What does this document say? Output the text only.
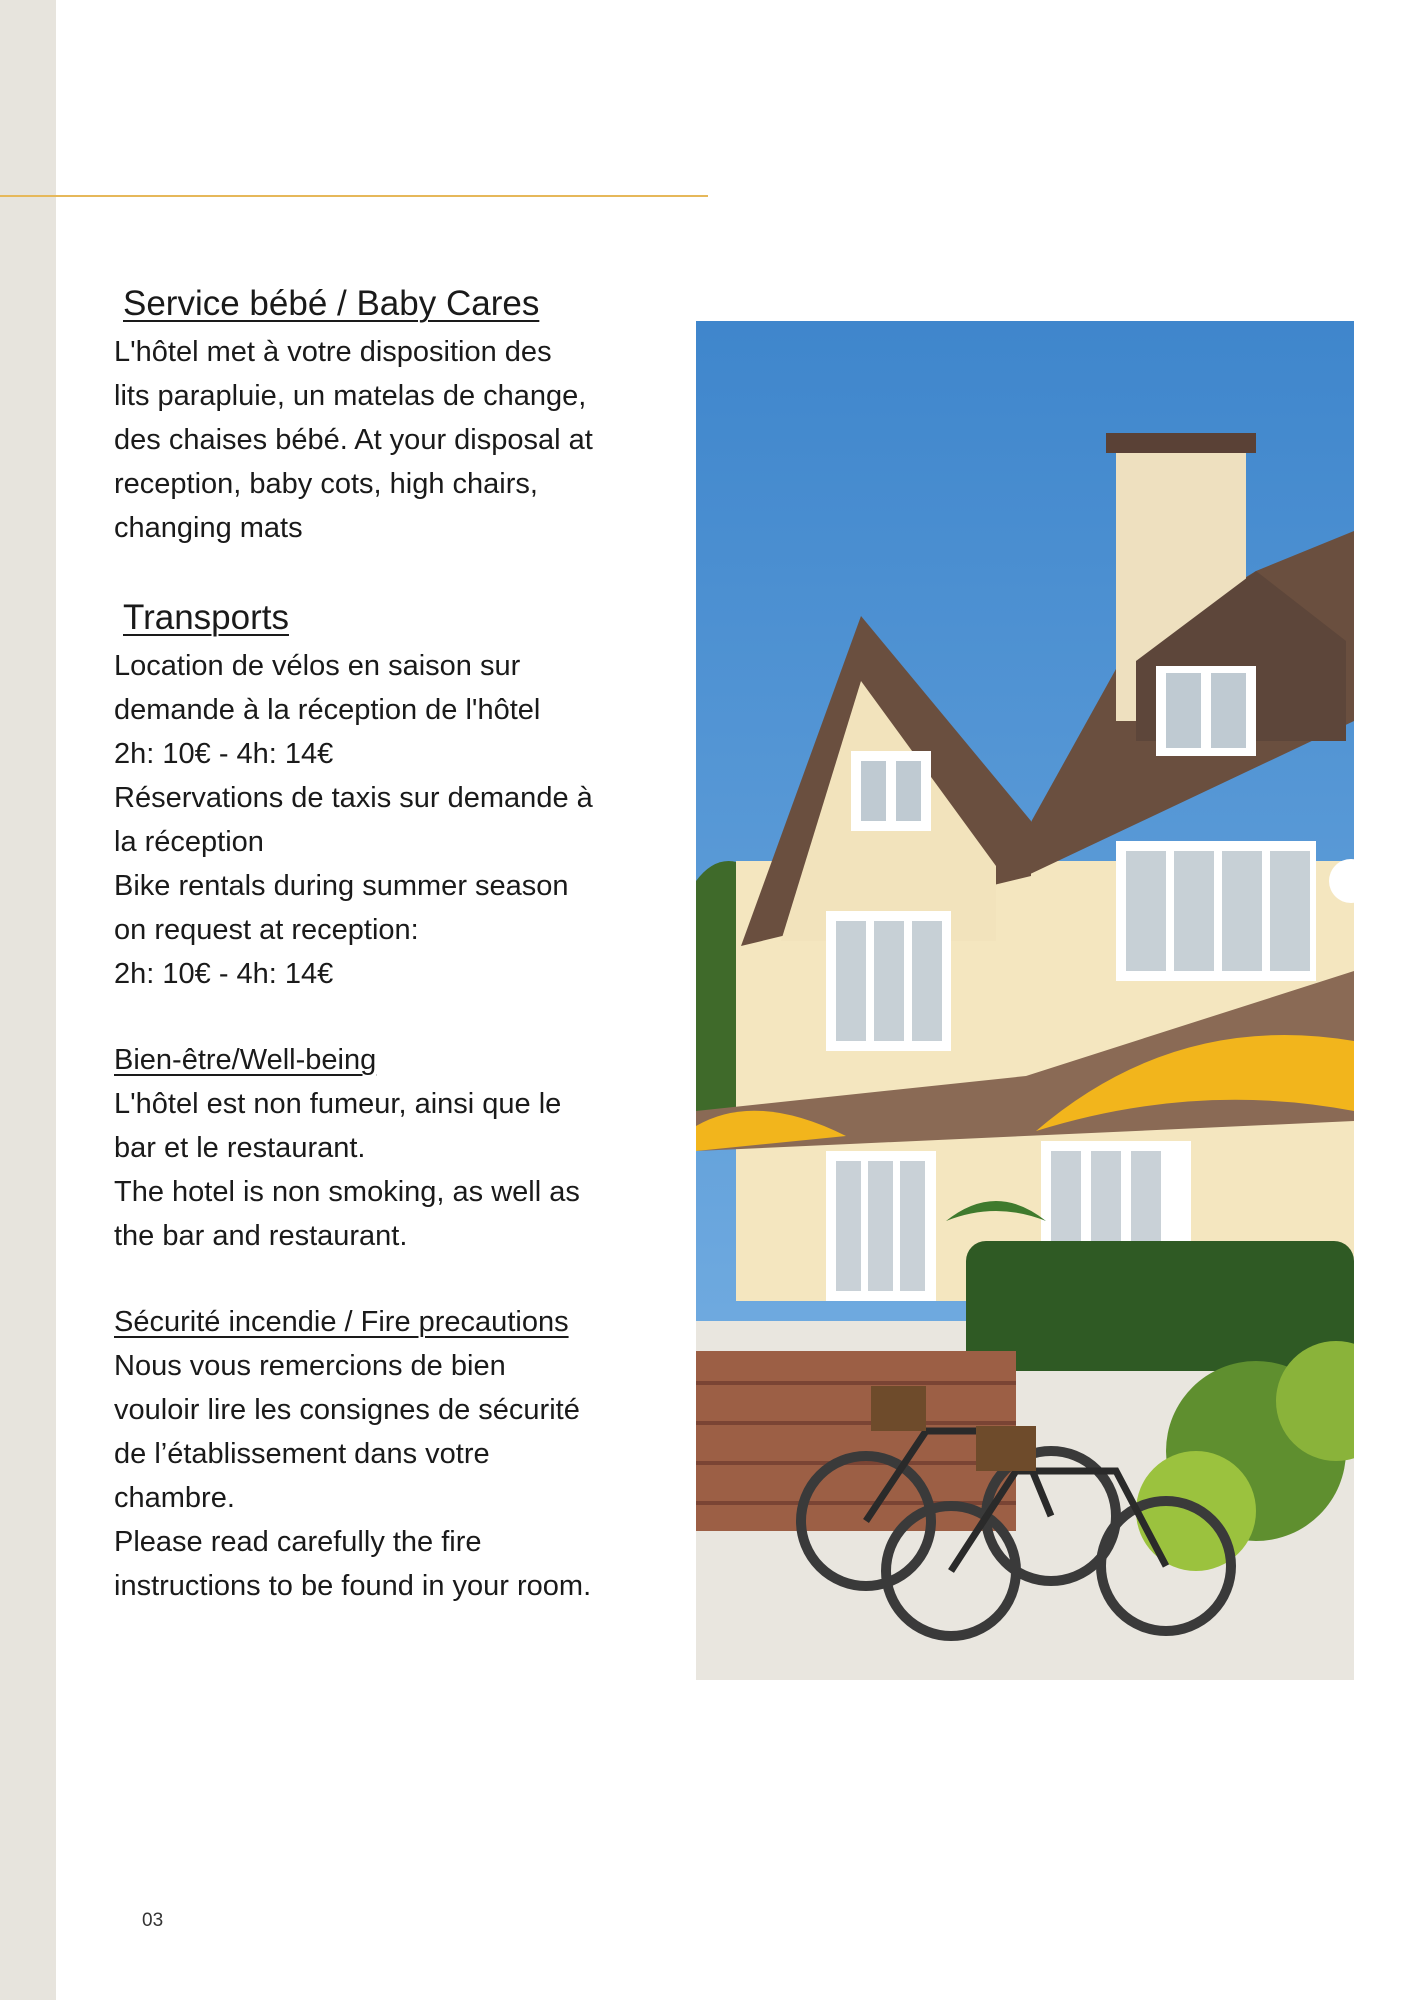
Service bébé / Baby Cares
L'hôtel met à votre disposition des
lits parapluie, un matelas de change,
des chaises bébé. At your disposal at
reception, baby cots, high chairs,
changing mats
Transports
Location de vélos en saison sur
demande à la réception de l'hôtel
2h: 10€ - 4h: 14€
Réservations de taxis sur demande à
la réception
Bike rentals during summer season
on request at reception:
2h: 10€ - 4h: 14€
Bien-être/Well-being
L'hôtel est non fumeur, ainsi que le
bar et le restaurant.
The hotel is non smoking, as well as
the bar and restaurant.
Sécurité incendie / Fire precautions
Nous vous remercions de bien
vouloir lire les consignes de sécurité
de l’établissement dans votre
chambre.
Please read carefully the fire
instructions to be found in your room.
03
